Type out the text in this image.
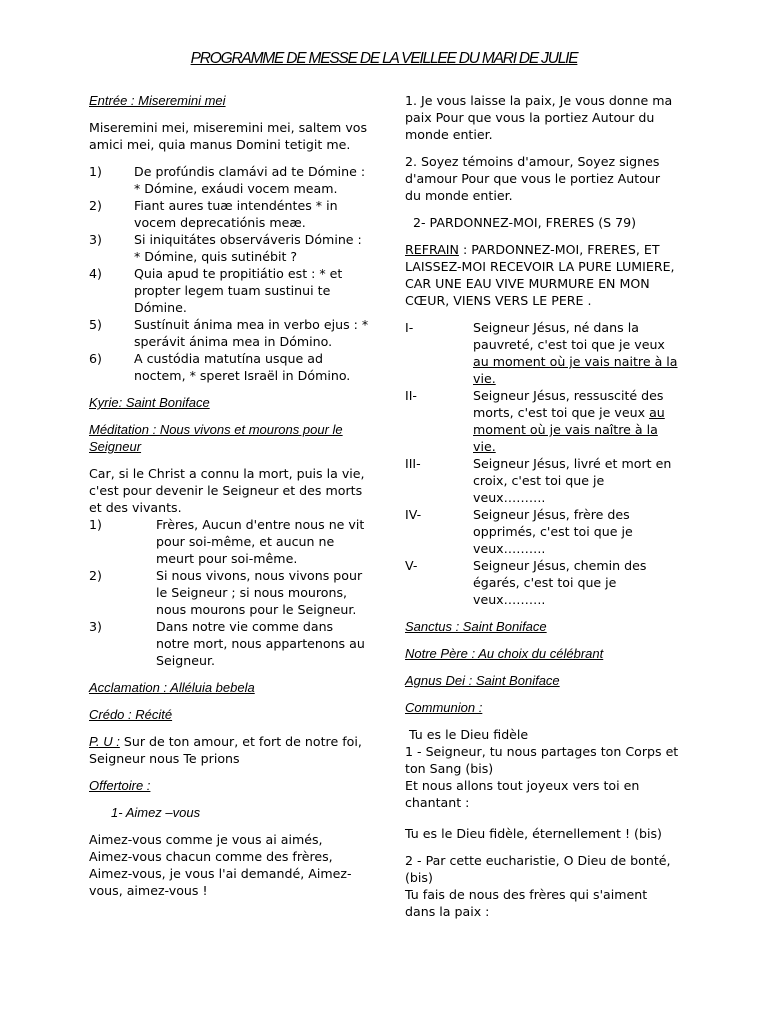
PROGRAMME DE MESSE DE LA VEILLEE DU MARI DE JULIE
Entrée : Miseremini mei
Miseremini mei, miseremini mei, saltem vos amici mei, quia manus Domini tetigit me.
1)	De profúndis clamávi ad te Dómine : * Dómine, exáudi vocem meam.
2)	Fiant aures tuæ intendéntes * in vocem deprecatiónis meæ.
3)	Si iniquitátes observáveris Dómine : * Dómine, quis sutinébit ?
4)	Quia apud te propitiátio est : * et propter legem tuam sustinui te Dómine.
5)	Sustínuit ánima mea in verbo ejus : * sperávit ánima mea in Dómino.
6)	A custódia matutína usque ad noctem, * speret Israël in Dómino.
Kyrie: Saint Boniface
Méditation : Nous vivons et mourons pour le Seigneur
Car, si le Christ a connu la mort, puis la vie, c'est pour devenir le Seigneur et des morts et des vivants.
1)	Frères, Aucun d'entre nous ne vit pour soi-même, et aucun ne meurt pour soi-même.
2)	Si nous vivons, nous vivons pour le Seigneur ; si nous mourons, nous mourons pour le Seigneur.
3)	Dans notre vie comme dans notre mort, nous appartenons au Seigneur.
Acclamation : Alléluia bebela
Crédo : Récité
P. U : Sur de ton amour, et fort de notre foi, Seigneur nous Te prions
Offertoire :
1- Aimez –vous
Aimez-vous comme je vous ai aimés, Aimez-vous chacun comme des frères, Aimez-vous, je vous l'ai demandé, Aimez-vous, aimez-vous !
1. Je vous laisse la paix, Je vous donne ma paix Pour que vous la portiez Autour du monde entier.
2. Soyez témoins d'amour, Soyez signes d'amour Pour que vous le portiez Autour du monde entier.
2- PARDONNEZ-MOI, FRERES (S 79)
REFRAIN : PARDONNEZ-MOI, FRERES, ET LAISSEZ-MOI RECEVOIR LA PURE LUMIERE, CAR UNE EAU VIVE MURMURE EN MON CŒUR, VIENS VERS LE PERE .
I-	Seigneur Jésus, né dans la pauvreté, c'est toi que je veux au moment où je vais naitre à la vie.
II-	Seigneur Jésus, ressuscité des morts, c'est toi que je veux au moment où je vais naître à la vie.
III-	Seigneur Jésus, livré et mort en croix, c'est toi que je veux……….
IV-	Seigneur Jésus, frère des opprimés, c'est toi que je veux……….
V-	Seigneur Jésus, chemin des égarés, c'est toi que je veux……….
Sanctus : Saint Boniface
Notre Père : Au choix du célébrant
Agnus Dei : Saint Boniface
Communion :
Tu es le Dieu fidèle
1 - Seigneur, tu nous partages ton Corps et ton Sang (bis)
Et nous allons tout joyeux vers toi en chantant :
Tu es le Dieu fidèle, éternellement ! (bis)
2 - Par cette eucharistie, O Dieu de bonté, (bis)
Tu fais de nous des frères qui s'aiment dans la paix :
